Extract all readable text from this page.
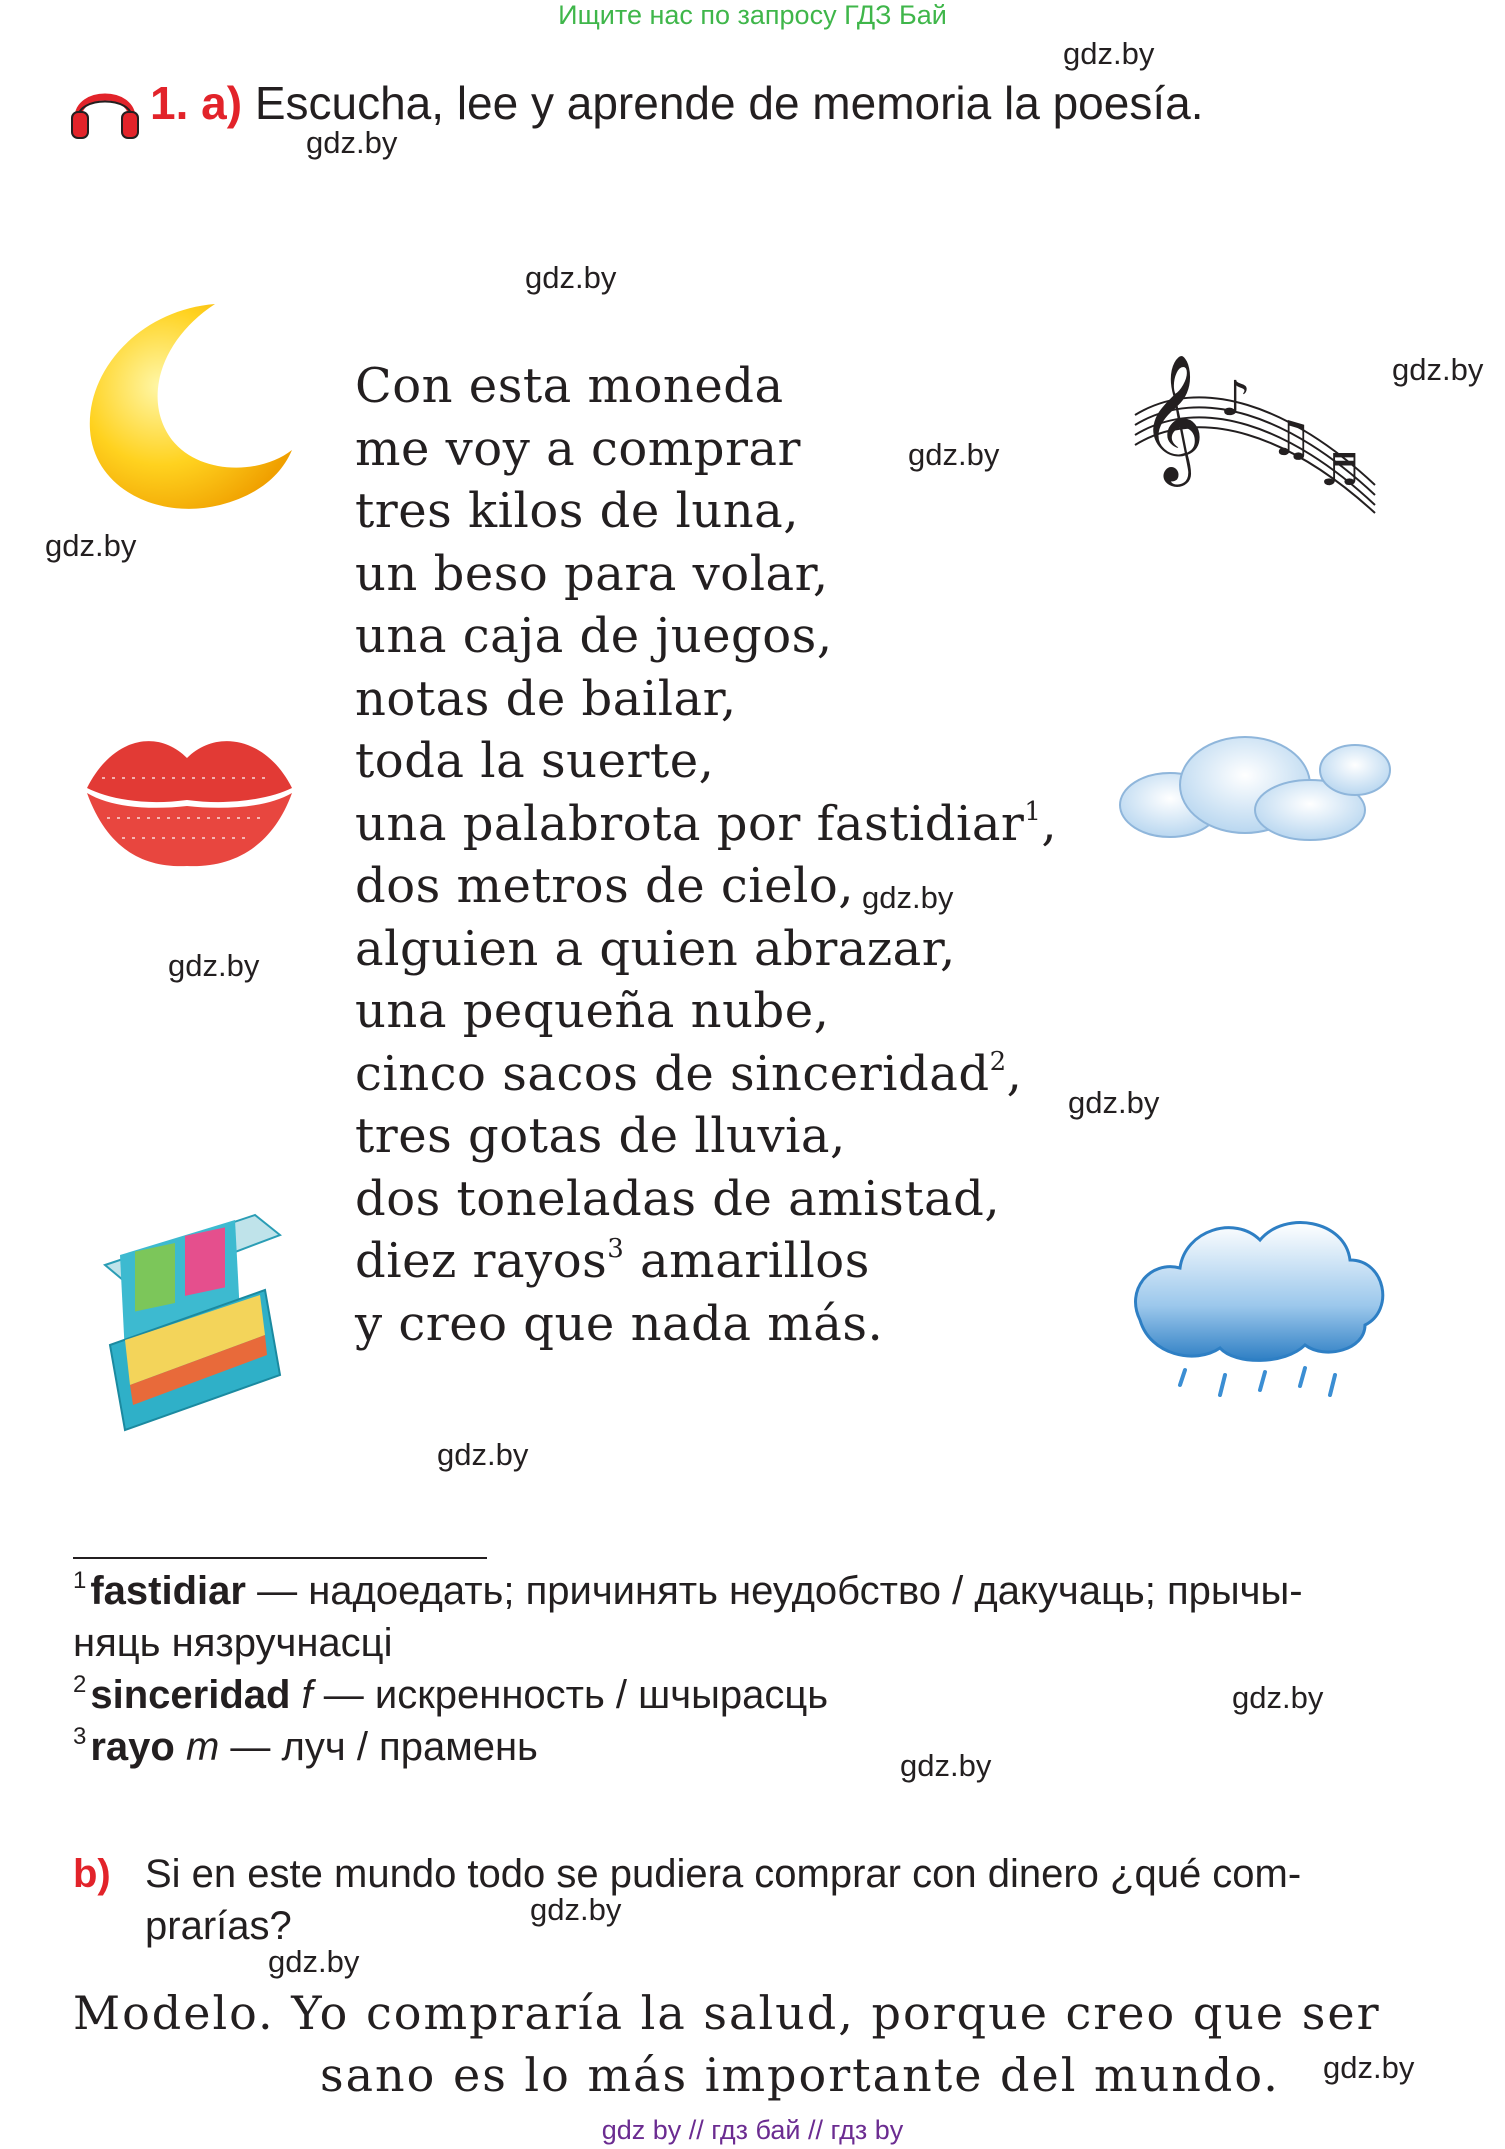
Ищите нас по запросу ГДЗ Бай
gdz.by
gdz.by
gdz.by
gdz.by
gdz.by
gdz.by
gdz.by
gdz.by
gdz.by
gdz.by
gdz.by
gdz.by
gdz.by
gdz.by
gdz.by
1. a) Escucha, lee y aprende de memoria la poesía.
𝄞 ♪
♫
♬
Con esta moneda
me voy a comprar
tres kilos de luna,
un beso para volar,
una caja de juegos,
notas de bailar,
toda la suerte,
una palabrota por fastidiar$^1$,
dos metros de cielo,
alguien a quien abrazar,
una pequeña nube,
cinco sacos de sinceridad$^2$,
tres gotas de lluvia,
dos toneladas de amistad,
diez rayos$^3$ amarillos
y creo que nada más.
$^1$ fastidiar — надоедать; причинять неудобство / дакучаць; прычы-
няць нязручнасці
$^2$ sinceridad f — искренность / шчырасць
$^3$ rayo m — луч / прамень
b) Si en este mundo todo se pudiera comprar con dinero ¿qué com-
prarías?
Modelo. Yo compraría la salud, porque creo que ser
sano es lo más importante del mundo.
gdz by // гдз бай // гдз by
